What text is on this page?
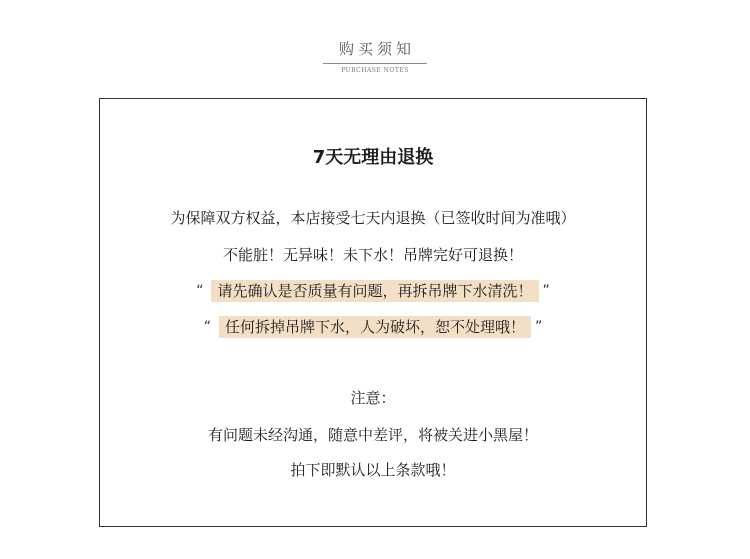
购买须知
PURCHASE NOTES
7天无理由退换
为保障双方权益，本店接受七天内退换（已签收时间为准哦）
不能脏！无异味！未下水！吊牌完好可退换！
“ 请先确认是否质量有问题，再拆吊牌下水清洗！ ”
“ 任何拆掉吊牌下水，人为破坏，恕不处理哦！ ”
注意：
有问题未经沟通，随意中差评，将被关进小黑屋！
拍下即默认以上条款哦！
